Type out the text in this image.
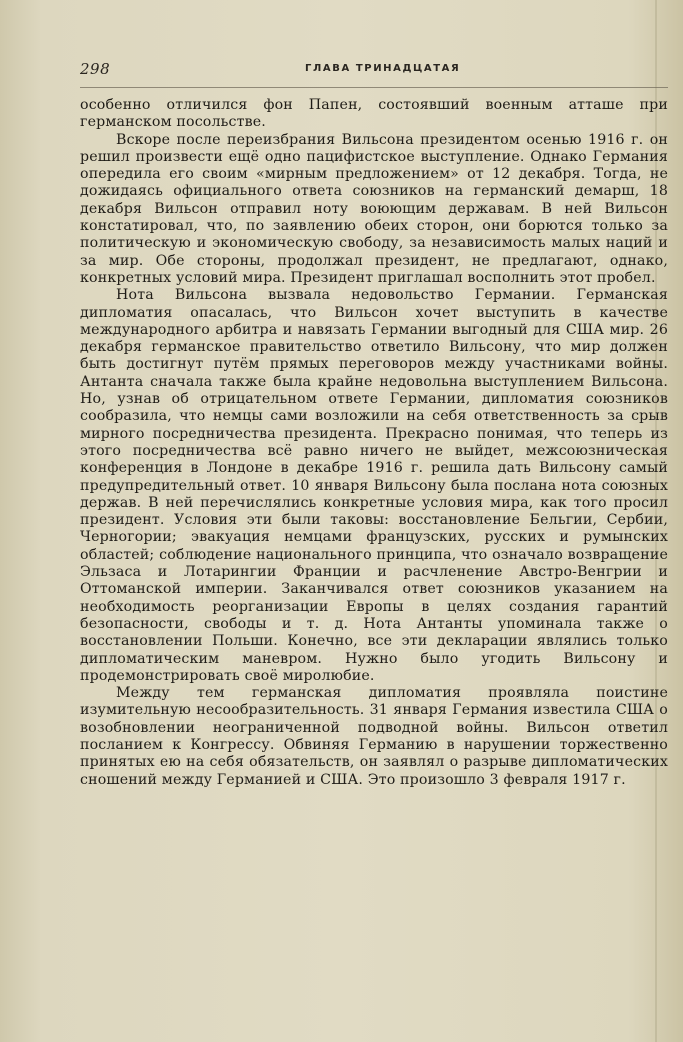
298	ГЛАВА ТРИНАДЦАТАЯ

особенно отличился фон Папен, состоявший военным атташе при германском посольстве.

Вскоре после переизбрания Вильсона президентом осенью 1916 г. он решил произвести ещё одно пацифистское выступление. Однако Германия опередила его своим «мирным предложением» от 12 декабря. Тогда, не дожидаясь официального ответа союзников на германский демарш, 18 декабря Вильсон отправил ноту воюющим державам. В ней Вильсон констатировал, что, по заявлению обеих сторон, они борются только за политическую и экономическую свободу, за независимость малых наций и за мир. Обе стороны, продолжал президент, не предлагают, однако, конкретных условий мира. Президент приглашал восполнить этот пробел.

Нота Вильсона вызвала недовольство Германии. Германская дипломатия опасалась, что Вильсон хочет выступить в качестве международного арбитра и навязать Германии выгодный для США мир. 26 декабря германское правительство ответило Вильсону, что мир должен быть достигнут путём прямых переговоров между участниками войны. Антанта сначала также была крайне недовольна выступлением Вильсона. Но, узнав об отрицательном ответе Германии, дипломатия союзников сообразила, что немцы сами возложили на себя ответственность за срыв мирного посредничества президента. Прекрасно понимая, что теперь из этого посредничества всё равно ничего не выйдет, межсоюзническая конференция в Лондоне в декабре 1916 г. решила дать Вильсону самый предупредительный ответ. 10 января Вильсону была послана нота союзных держав. В ней перечислялись конкретные условия мира, как того просил президент. Условия эти были таковы: восстановление Бельгии, Сербии, Черногории; эвакуация немцами французских, русских и румынских областей; соблюдение национального принципа, что означало возвращение Эльзаса и Лотарингии Франции и расчленение Австро-Венгрии и Оттоманской империи. Заканчивался ответ союзников указанием на необходимость реорганизации Европы в целях создания гарантий безопасности, свободы и т. д. Нота Антанты упоминала также о восстановлении Польши. Конечно, все эти декларации являлись только дипломатическим маневром. Нужно было угодить Вильсону и продемонстрировать своё миролюбие.

Между тем германская дипломатия проявляла поистине изумительную несообразительность. 31 января Германия известила США о возобновлении неограниченной подводной войны. Вильсон ответил посланием к Конгрессу. Обвиняя Германию в нарушении торжественно принятых ею на себя обязательств, он заявлял о разрыве дипломатических сношений между Германией и США. Это произошло 3 февраля 1917 г.
